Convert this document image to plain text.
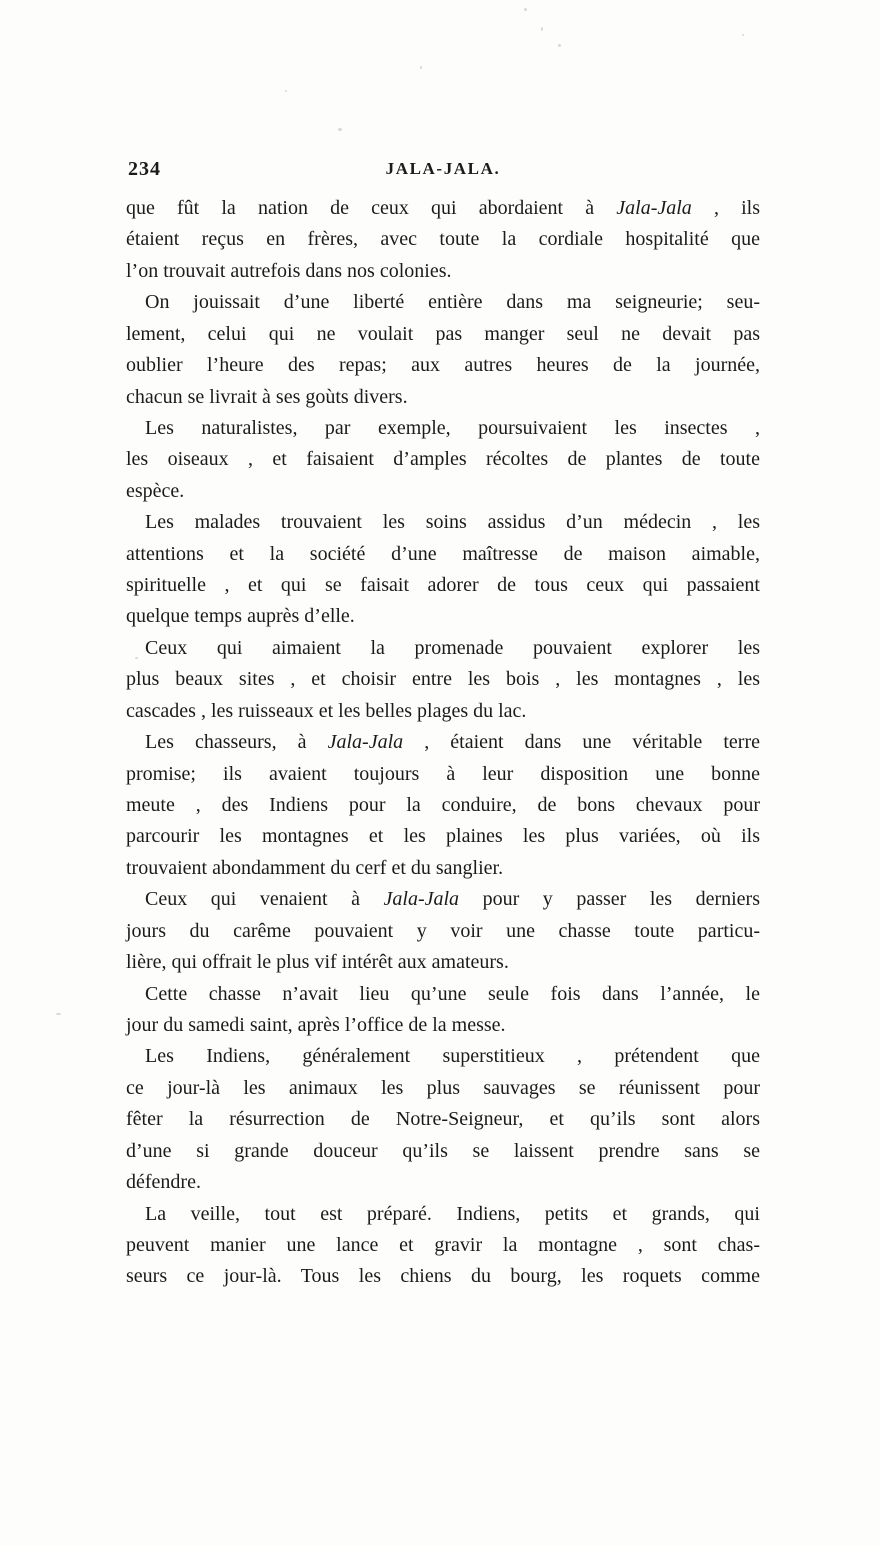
234	JALA-JALA.
que fût la nation de ceux qui abordaient à Jala-Jala , ils
étaient reçus en frères, avec toute la cordiale hospitalité que
l’on trouvait autrefois dans nos colonies.
On jouissait d’une liberté entière dans ma seigneurie; seu-
lement, celui qui ne voulait pas manger seul ne devait pas
oublier l’heure des repas; aux autres heures de la journée,
chacun se livrait à ses goùts divers.
Les naturalistes, par exemple, poursuivaient les insectes ,
les oiseaux , et faisaient d’amples récoltes de plantes de toute
espèce.
Les malades trouvaient les soins assidus d’un médecin , les
attentions et la société d’une maîtresse de maison aimable,
spirituelle , et qui se faisait adorer de tous ceux qui passaient
quelque temps auprès d’elle.
Ceux qui aimaient la promenade pouvaient explorer les
plus beaux sites , et choisir entre les bois , les montagnes , les
cascades , les ruisseaux et les belles plages du lac.
Les chasseurs, à Jala-Jala , étaient dans une véritable terre
promise; ils avaient toujours à leur disposition une bonne
meute , des Indiens pour la conduire, de bons chevaux pour
parcourir les montagnes et les plaines les plus variées, où ils
trouvaient abondamment du cerf et du sanglier.
Ceux qui venaient à Jala-Jala pour y passer les derniers
jours du carême pouvaient y voir une chasse toute particu-
lière, qui offrait le plus vif intérêt aux amateurs.
Cette chasse n’avait lieu qu’une seule fois dans l’année, le
jour du samedi saint, après l’office de la messe.
Les Indiens, généralement superstitieux , prétendent que
ce jour-là les animaux les plus sauvages se réunissent pour
fêter la résurrection de Notre-Seigneur, et qu’ils sont alors
d’une si grande douceur qu’ils se laissent prendre sans se
défendre.
La veille, tout est préparé. Indiens, petits et grands, qui
peuvent manier une lance et gravir la montagne , sont chas-
seurs ce jour-là. Tous les chiens du bourg, les roquets comme
